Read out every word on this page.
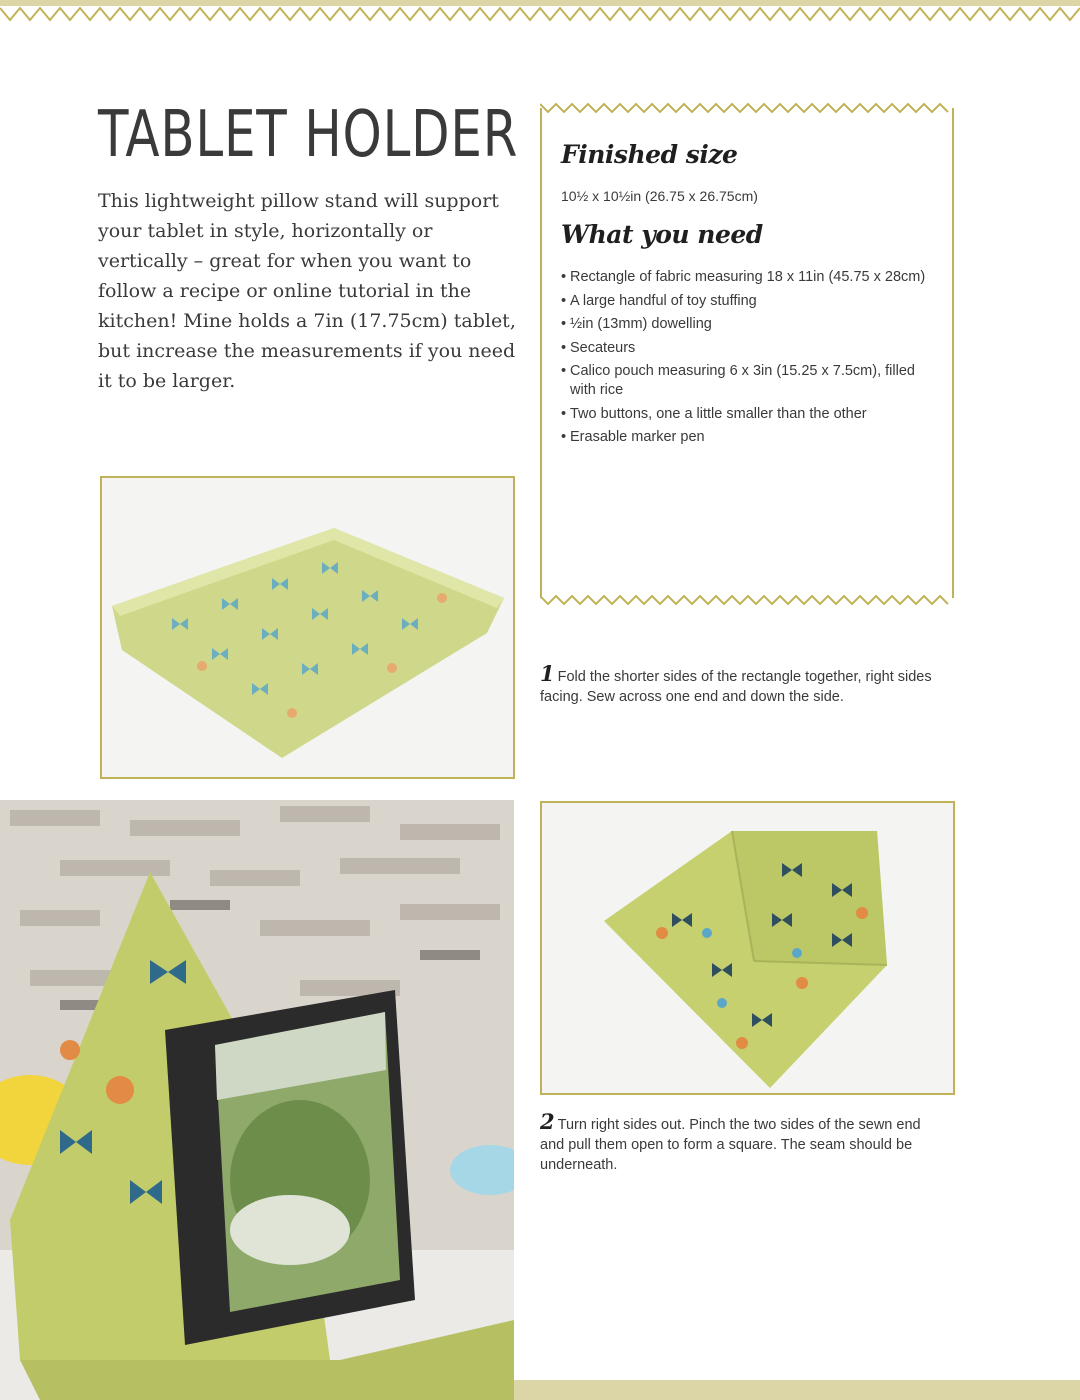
TABLET HOLDER

This lightweight pillow stand will support your tablet in style, horizontally or vertically – great for when you want to follow a recipe or online tutorial in the kitchen! Mine holds a 7in (17.75cm) tablet, but increase the measurements if you need it to be larger.

Finished size

10½ x 10½in (26.75 x 26.75cm)

What you need
• Rectangle of fabric measuring 18 x 11in (45.75 x 28cm)
• A large handful of toy stuffing
• ½in (13mm) dowelling
• Secateurs
• Calico pouch measuring 6 x 3in (15.25 x 7.5cm), filled with rice
• Two buttons, one a little smaller than the other
• Erasable marker pen

1 Fold the shorter sides of the rectangle together, right sides facing. Sew across one end and down the side.

2 Turn right sides out. Pinch the two sides of the sewn end and pull them open to form a square. The seam should be underneath.
